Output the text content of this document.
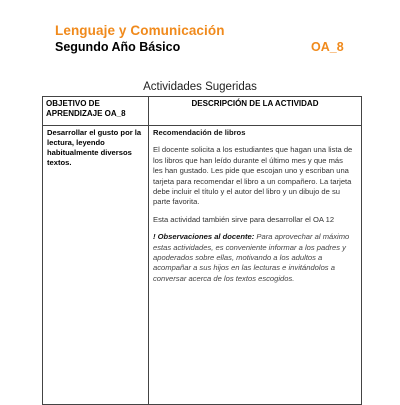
Lenguaje y Comunicación
Segundo Año Básico	OA_8
Actividades Sugeridas
OBJETIVO DE APRENDIZAJE OA_8	DESCRIPCIÓN DE LA ACTIVIDAD
Desarrollar el gusto por la lectura, leyendo habitualmente diversos textos.	Recomendación de libros

El docente solicita a los estudiantes que hagan una lista de los libros que han leído durante el último mes y que más les han gustado. Les pide que escojan uno y escriban una tarjeta para recomendar el libro a un compañero. La tarjeta debe incluir el título y el autor del libro y un dibujo de su parte favorita.

Esta actividad también sirve para desarrollar el OA 12

! Observaciones al docente: Para aprovechar al máximo estas actividades, es conveniente informar a los padres y apoderados sobre ellas, motivando a los adultos a acompañar a sus hijos en las lecturas e invitándolos a conversar acerca de los textos escogidos.
